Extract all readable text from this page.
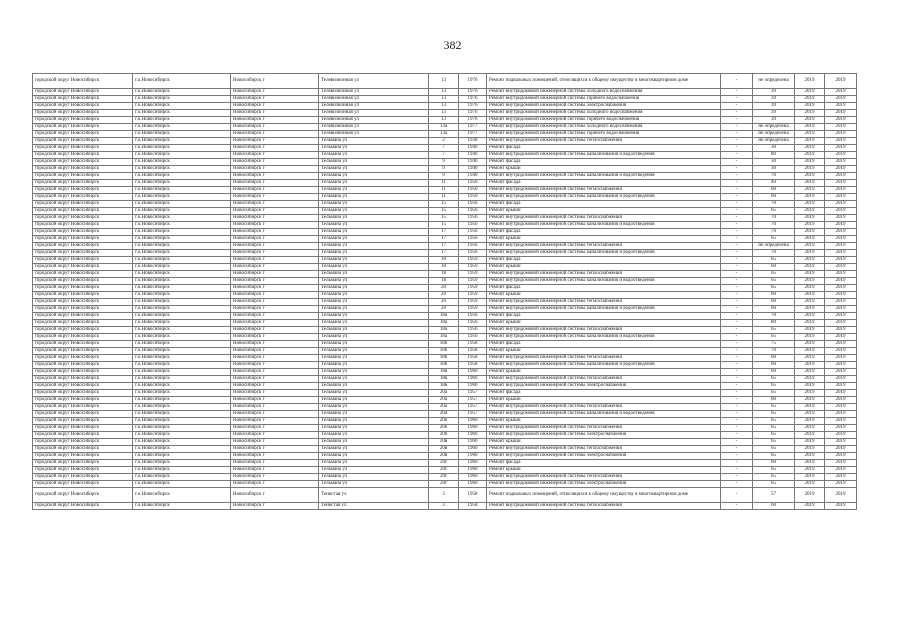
382
городской округ Новосибирск	г.о.Новосибирск	Новосибирск г	Телевизионная ул	13	1976	Ремонт подвальных помещений, относящихся к общему имуществу в многоквартирном доме	-	не определена	2019	2019
городской округ Новосибирск	г.о.Новосибирск	Новосибирск г	Телевизионная ул	13	1976	Ремонт внутридомовой инженерной системы холодного водоснабжения	-	39	2019	2019
городской округ Новосибирск	г.о.Новосибирск	Новосибирск г	Телевизионная ул	13	1976	Ремонт внутридомовой инженерной системы горячего водоснабжения	-	39	2019	2019
городской округ Новосибирск	г.о.Новосибирск	Новосибирск г	Телевизионная ул	13	1976	Ремонт внутридомовой инженерной системы электроснабжения	-	39	2019	2019
городской округ Новосибирск	г.о.Новосибирск	Новосибирск г	Телевизионная ул	13	1976	Ремонт внутридомовой инженерной системы холодного водоснабжения	-	39	2019	2019
городской округ Новосибирск	г.о.Новосибирск	Новосибирск г	Телевизионная ул	13	1976	Ремонт внутридомовой инженерной системы горячего водоснабжения	-	39	2019	2019
городской округ Новосибирск	г.о.Новосибирск	Новосибирск г	Телевизионная ул	13а	1977	Ремонт внутридомовой инженерной системы холодного водоснабжения	-	не определена	2019	2019
городской округ Новосибирск	г.о.Новосибирск	Новосибирск г	Телевизионная ул	13а	1977	Ремонт внутридомовой инженерной системы горячего водоснабжения	-	не определена	2019	2019
городской округ Новосибирск	г.о.Новосибирск	Новосибирск г	Тельмана ул	2	1938	Ремонт внутридомовой инженерной системы теплоснабжения	-	не определена	2019	2019
городской округ Новосибирск	г.о.Новосибирск	Новосибирск г	Тельмана ул	7	1940	Ремонт фасада	-	30	2019	2019
городской округ Новосибирск	г.о.Новосибирск	Новосибирск г	Тельмана ул	7	1940	Ремонт внутридомовой инженерной системы канализования и водоотведения	-	80	2019	2019
городской округ Новосибирск	г.о.Новосибирск	Новосибирск г	Тельмана ул	9	1940	Ремонт фасада	-	30	2019	2019
городской округ Новосибирск	г.о.Новосибирск	Новосибирск г	Тельмана ул	9	1940	Ремонт крыши	-	30	2019	2019
городской округ Новосибирск	г.о.Новосибирск	Новосибирск г	Тельмана ул	9	1940	Ремонт внутридомовой инженерной системы канализования и водоотведения	-	70	2019	2019
городской округ Новосибирск	г.о.Новосибирск	Новосибирск г	Тельмана ул	11	1950	Ремонт фасада	-	40	2019	2019
городской округ Новосибирск	г.о.Новосибирск	Новосибирск г	Тельмана ул	11	1950	Ремонт внутридомовой инженерной системы теплоснабжения	-	60	2019	2019
городской округ Новосибирск	г.о.Новосибирск	Новосибирск г	Тельмана ул	11	1950	Ремонт внутридомовой инженерной системы канализования и водоотведения	-	60	2019	2019
городской округ Новосибирск	г.о.Новосибирск	Новосибирск г	Тельмана ул	15	1956	Ремонт фасада	-	70	2019	2019
городской округ Новосибирск	г.о.Новосибирск	Новосибирск г	Тельмана ул	15	1956	Ремонт крыши	-	65	2019	2019
городской округ Новосибирск	г.о.Новосибирск	Новосибирск г	Тельмана ул	15	1956	Ремонт внутридомовой инженерной системы теплоснабжения	-	70	2019	2019
городской округ Новосибирск	г.о.Новосибирск	Новосибирск г	Тельмана ул	15	1956	Ремонт внутридомовой инженерной системы канализования и водоотведения	-	70	2019	2019
городской округ Новосибирск	г.о.Новосибирск	Новосибирск г	Тельмана ул	17	1956	Ремонт фасада	-	70	2019	2019
городской округ Новосибирск	г.о.Новосибирск	Новосибирск г	Тельмана ул	17	1956	Ремонт крыши	-	65	2019	2019
городской округ Новосибирск	г.о.Новосибирск	Новосибирск г	Тельмана ул	17	1956	Ремонт внутридомовой инженерной системы теплоснабжения	-	не определена	2019	2019
городской округ Новосибирск	г.о.Новосибирск	Новосибирск г	Тельмана ул	17	1956	Ремонт внутридомовой инженерной системы канализования и водоотведения	-	70	2019	2019
городской округ Новосибирск	г.о.Новосибирск	Новосибирск г	Тельмана ул	18	1959	Ремонт фасада	-	65	2019	2019
городской округ Новосибирск	г.о.Новосибирск	Новосибирск г	Тельмана ул	18	1959	Ремонт крыши	-	60	2019	2019
городской округ Новосибирск	г.о.Новосибирск	Новосибирск г	Тельмана ул	18	1959	Ремонт внутридомовой инженерной системы теплоснабжения	-	65	2019	2019
городской округ Новосибирск	г.о.Новосибирск	Новосибирск г	Тельмана ул	18	1959	Ремонт внутридомовой инженерной системы канализования и водоотведения	-	65	2019	2019
городской округ Новосибирск	г.о.Новосибирск	Новосибирск г	Тельмана ул	20	1959	Ремонт фасада	-	65	2019	2019
городской округ Новосибирск	г.о.Новосибирск	Новосибирск г	Тельмана ул	20	1959	Ремонт крыши	-	60	2019	2019
городской округ Новосибирск	г.о.Новосибирск	Новосибирск г	Тельмана ул	20	1959	Ремонт внутридомовой инженерной системы теплоснабжения	-	60	2019	2019
городской округ Новосибирск	г.о.Новосибирск	Новосибирск г	Тельмана ул	20	1959	Ремонт внутридомовой инженерной системы канализования и водоотведения	-	60	2019	2019
городской округ Новосибирск	г.о.Новосибирск	Новосибирск г	Тельмана ул	18а	1956	Ремонт фасада	-	70	2019	2019
городской округ Новосибирск	г.о.Новосибирск	Новосибирск г	Тельмана ул	18а	1956	Ремонт крыши	-	80	2019	2019
городской округ Новосибирск	г.о.Новосибирск	Новосибирск г	Тельмана ул	18а	1956	Ремонт внутридомовой инженерной системы теплоснабжения	-	65	2019	2019
городской округ Новосибирск	г.о.Новосибирск	Новосибирск г	Тельмана ул	18а	1956	Ремонт внутридомовой инженерной системы канализования и водоотведения	-	65	2019	2019
городской округ Новосибирск	г.о.Новосибирск	Новосибирск г	Тельмана ул	18б	1958	Ремонт фасада	-	75	2019	2019
городской округ Новосибирск	г.о.Новосибирск	Новосибирск г	Тельмана ул	18б	1958	Ремонт крыши	-	70	2019	2019
городской округ Новосибирск	г.о.Новосибирск	Новосибирск г	Тельмана ул	18б	1958	Ремонт внутридомовой инженерной системы теплоснабжения	-	60	2019	2019
городской округ Новосибирск	г.о.Новосибирск	Новосибирск г	Тельмана ул	18б	1958	Ремонт внутридомовой инженерной системы канализования и водоотведения	-	60	2019	2019
городской округ Новосибирск	г.о.Новосибирск	Новосибирск г	Тельмана ул	18в	1960	Ремонт крыши	-	60	2019	2019
городской округ Новосибирск	г.о.Новосибирск	Новосибирск г	Тельмана ул	18в	1960	Ремонт внутридомовой инженерной системы теплоснабжения	-	65	2019	2019
городской округ Новосибирск	г.о.Новосибирск	Новосибирск г	Тельмана ул	18в	1960	Ремонт внутридомовой инженерной системы электроснабжения	-	65	2019	2019
городской округ Новосибирск	г.о.Новосибирск	Новосибирск г	Тельмана ул	20а	1957	Ремонт фасада	-	65	2019	2019
городской округ Новосибирск	г.о.Новосибирск	Новосибирск г	Тельмана ул	20а	1957	Ремонт крыши	-	60	2019	2019
городской округ Новосибирск	г.о.Новосибирск	Новосибирск г	Тельмана ул	20а	1957	Ремонт внутридомовой инженерной системы теплоснабжения	-	65	2019	2019
городской округ Новосибирск	г.о.Новосибирск	Новосибирск г	Тельмана ул	20а	1957	Ремонт внутридомовой инженерной системы канализования и водоотведения	-	65	2019	2019
городской округ Новосибирск	г.о.Новосибирск	Новосибирск г	Тельмана ул	20б	1960	Ремонт крыши	-	65	2019	2019
городской округ Новосибирск	г.о.Новосибирск	Новосибирск г	Тельмана ул	20б	1960	Ремонт внутридомовой инженерной системы теплоснабжения	-	65	2019	2019
городской округ Новосибирск	г.о.Новосибирск	Новосибирск г	Тельмана ул	20б	1960	Ремонт внутридомовой инженерной системы электроснабжения	-	65	2019	2019
городской округ Новосибирск	г.о.Новосибирск	Новосибирск г	Тельмана ул	20в	1960	Ремонт крыши	-	65	2019	2019
городской округ Новосибирск	г.о.Новосибирск	Новосибирск г	Тельмана ул	20в	1960	Ремонт внутридомовой инженерной системы теплоснабжения	-	65	2019	2019
городской округ Новосибирск	г.о.Новосибирск	Новосибирск г	Тельмана ул	20в	1960	Ремонт внутридомовой инженерной системы электроснабжения	-	65	2019	2019
городской округ Новосибирск	г.о.Новосибирск	Новосибирск г	Тельмана ул	20г	1960	Ремонт фасада	-	60	2019	2019
городской округ Новосибирск	г.о.Новосибирск	Новосибирск г	Тельмана ул	20г	1960	Ремонт крыши	-	65	2019	2019
городской округ Новосибирск	г.о.Новосибирск	Новосибирск г	Тельмана ул	20г	1960	Ремонт внутридомовой инженерной системы теплоснабжения	-	65	2019	2019
городской округ Новосибирск	г.о.Новосибирск	Новосибирск г	Тельмана ул	20г	1960	Ремонт внутридомовой инженерной системы электроснабжения	-	65	2019	2019
городской округ Новосибирск	г.о.Новосибирск	Новосибирск г	Тенистая ул	3	1958	Ремонт подвальных помещений, относящихся к общему имуществу в многоквартирном доме	-	57	2019	2019
городской округ Новосибирск	г.о.Новосибирск	Новосибирск г	Тенистая ул	3	1958	Ремонт внутридомовой инженерной системы теплоснабжения	-	60	2019	2019
